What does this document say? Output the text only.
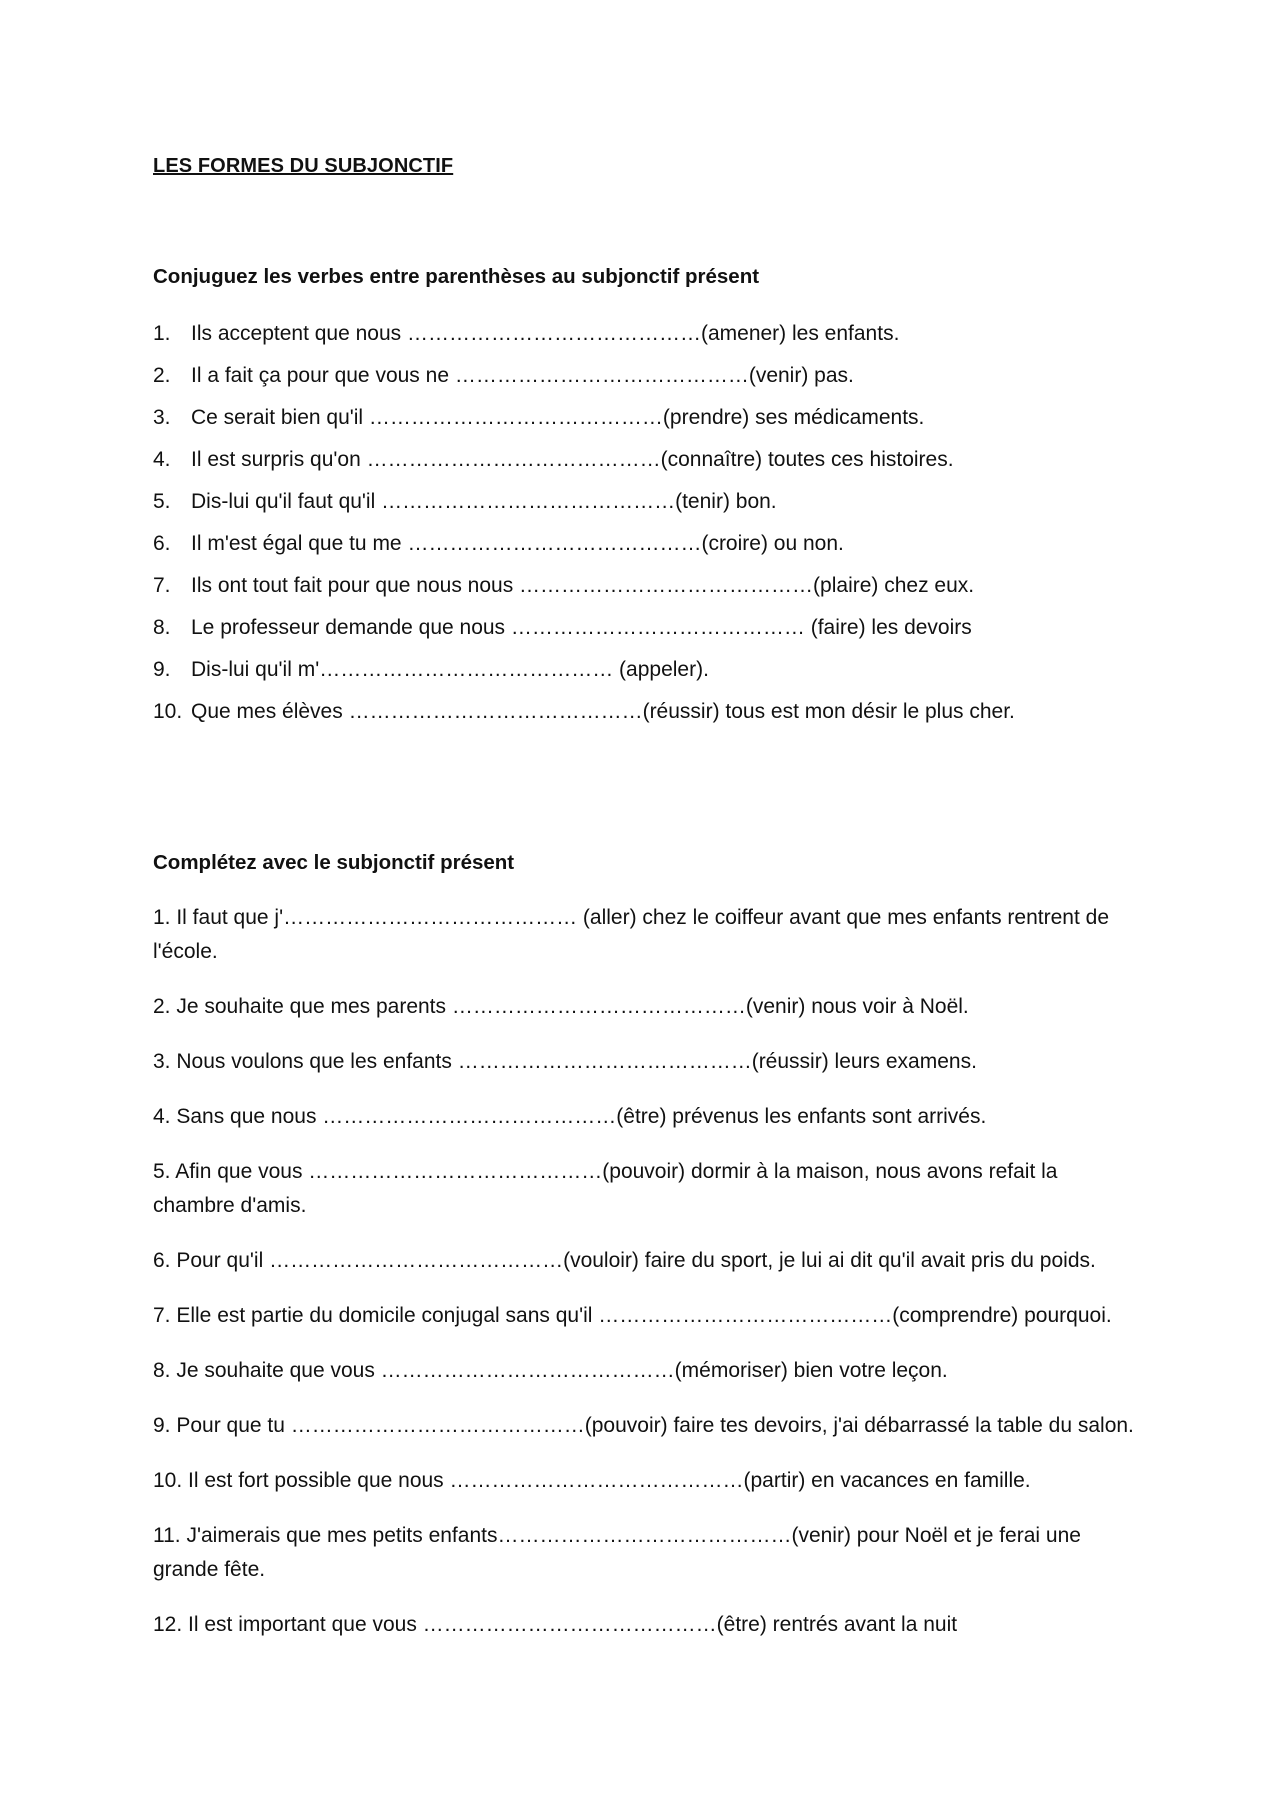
LES FORMES DU SUBJONCTIF
Conjuguez les verbes entre parenthèses au subjonctif présent
1. Ils acceptent que nous ……………………………………(amener) les enfants.
2. Il a fait ça pour que vous ne ……………………………………(venir) pas.
3. Ce serait bien qu'il ……………………………………(prendre) ses médicaments.
4. Il est surpris qu'on ……………………………………(connaître) toutes ces histoires.
5. Dis-lui qu'il faut qu'il ……………………………………(tenir) bon.
6. Il m'est égal que tu me ……………………………………(croire) ou non.
7. Ils ont tout fait pour que nous nous ……………………………………(plaire) chez eux.
8. Le professeur demande que nous …………………………………… (faire) les devoirs
9. Dis-lui qu'il m'…………………………………… (appeler).
10. Que mes élèves ……………………………………(réussir) tous est mon désir le plus cher.
Complétez avec le subjonctif présent
1. Il faut que j'…………………………………… (aller) chez le coiffeur avant que mes enfants rentrent de l'école.
2. Je souhaite que mes parents ……………………………………(venir) nous voir à Noël.
3. Nous voulons que les enfants ……………………………………(réussir) leurs examens.
4. Sans que nous ……………………………………(être) prévenus les enfants sont arrivés.
5. Afin que vous ……………………………………(pouvoir) dormir à la maison, nous avons refait la chambre d'amis.
6. Pour qu'il ……………………………………(vouloir) faire du sport, je lui ai dit qu'il avait pris du poids.
7. Elle est partie du domicile conjugal sans qu'il ……………………………………(comprendre) pourquoi.
8. Je souhaite que vous ……………………………………(mémoriser) bien votre leçon.
9. Pour que tu ……………………………………(pouvoir) faire tes devoirs, j'ai débarrassé la table du salon.
10. Il est fort possible que nous ……………………………………(partir) en vacances en famille.
11. J'aimerais que mes petits enfants……………………………………(venir) pour Noël et je ferai une grande fête.
12. Il est important que vous ……………………………………(être) rentrés avant la nuit
